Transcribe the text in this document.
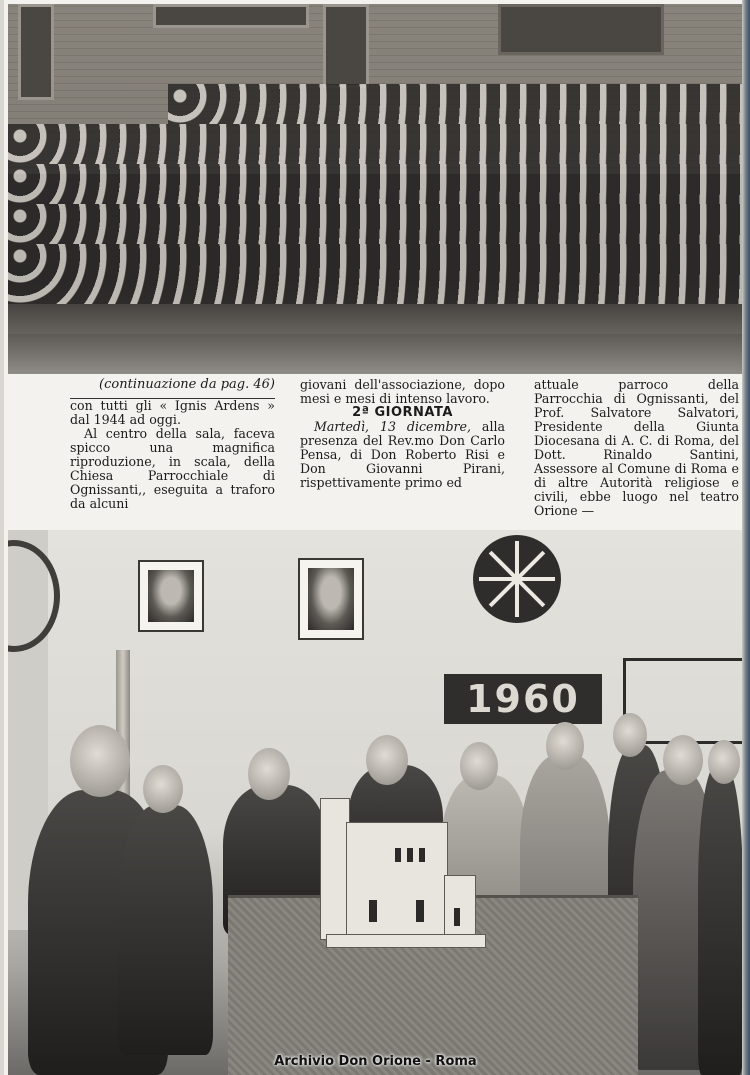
(continuazione da pag. 46)

con tutti gli « Ignis Ardens » dal 1944 ad oggi.

Al centro della sala, faceva spicco una magnifica riproduzione, in scala, della Chiesa Parrocchiale di Ognissanti,, eseguita a traforo da alcuni

giovani dell'associazione, dopo mesi e mesi di intenso lavoro.

2ª GIORNATA

Martedì, 13 dicembre, alla presenza del Rev.mo Don Carlo Pensa, di Don Roberto Risi e Don Giovanni Pirani, rispettivamente primo ed

attuale parroco della Parrocchia di Ognissanti, del Prof. Salvatore Salvatori, Presidente della Giunta Diocesana di A. C. di Roma, del Dott. Rinaldo Santini, Assessore al Comune di Roma e di altre Autorità religiose e civili, ebbe luogo nel teatro Orione —

1960
Archivio Don Orione - Roma
